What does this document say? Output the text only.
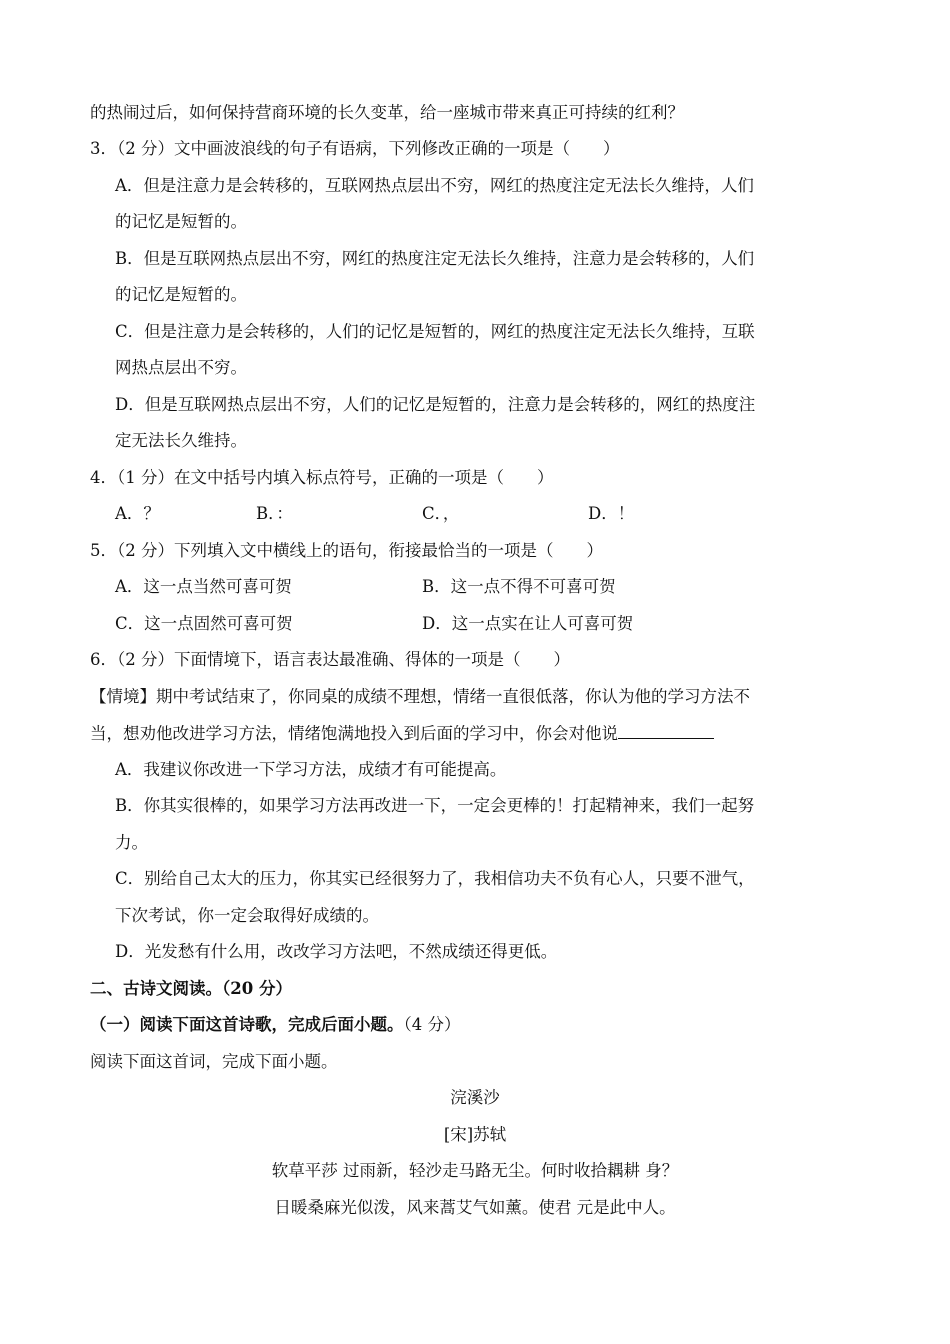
的热闹过后，如何保持营商环境的长久变革，给一座城市带来真正可持续的红利？
3．（2 分）文中画波浪线的句子有语病，下列修改正确的一项是（　　）
A．但是注意力是会转移的，互联网热点层出不穷，网红的热度注定无法长久维持，人们
的记忆是短暂的。
B．但是互联网热点层出不穷，网红的热度注定无法长久维持，注意力是会转移的，人们
的记忆是短暂的。
C．但是注意力是会转移的，人们的记忆是短暂的，网红的热度注定无法长久维持，互联
网热点层出不穷。
D．但是互联网热点层出不穷，人们的记忆是短暂的，注意力是会转移的，网红的热度注
定无法长久维持。
4．（1 分）在文中括号内填入标点符号，正确的一项是（　　）
A．？	B．：	C．，	D．！
5．（2 分）下列填入文中横线上的语句，衔接最恰当的一项是（　　）
A．这一点当然可喜可贺	B．这一点不得不可喜可贺
C．这一点固然可喜可贺	D．这一点实在让人可喜可贺
6．（2 分）下面情境下，语言表达最准确、得体的一项是（　　）
【情境】期中考试结束了，你同桌的成绩不理想，情绪一直很低落，你认为他的学习方法不
当，想劝他改进学习方法，情绪饱满地投入到后面的学习中，你会对他说
A．我建议你改进一下学习方法，成绩才有可能提高。
B．你其实很棒的，如果学习方法再改进一下，一定会更棒的！打起精神来，我们一起努
力。
C．别给自己太大的压力，你其实已经很努力了，我相信功夫不负有心人，只要不泄气，
下次考试，你一定会取得好成绩的。
D．光发愁有什么用，改改学习方法吧，不然成绩还得更低。
二、古诗文阅读。（20 分）
（一）阅读下面这首诗歌，完成后面小题。（4 分）
阅读下面这首词，完成下面小题。
浣溪沙
[宋]苏轼
软草平莎 过雨新，轻沙走马路无尘。何时收拾耦耕 身？
日暖桑麻光似泼，风来蒿艾气如薰。使君 元是此中人。
